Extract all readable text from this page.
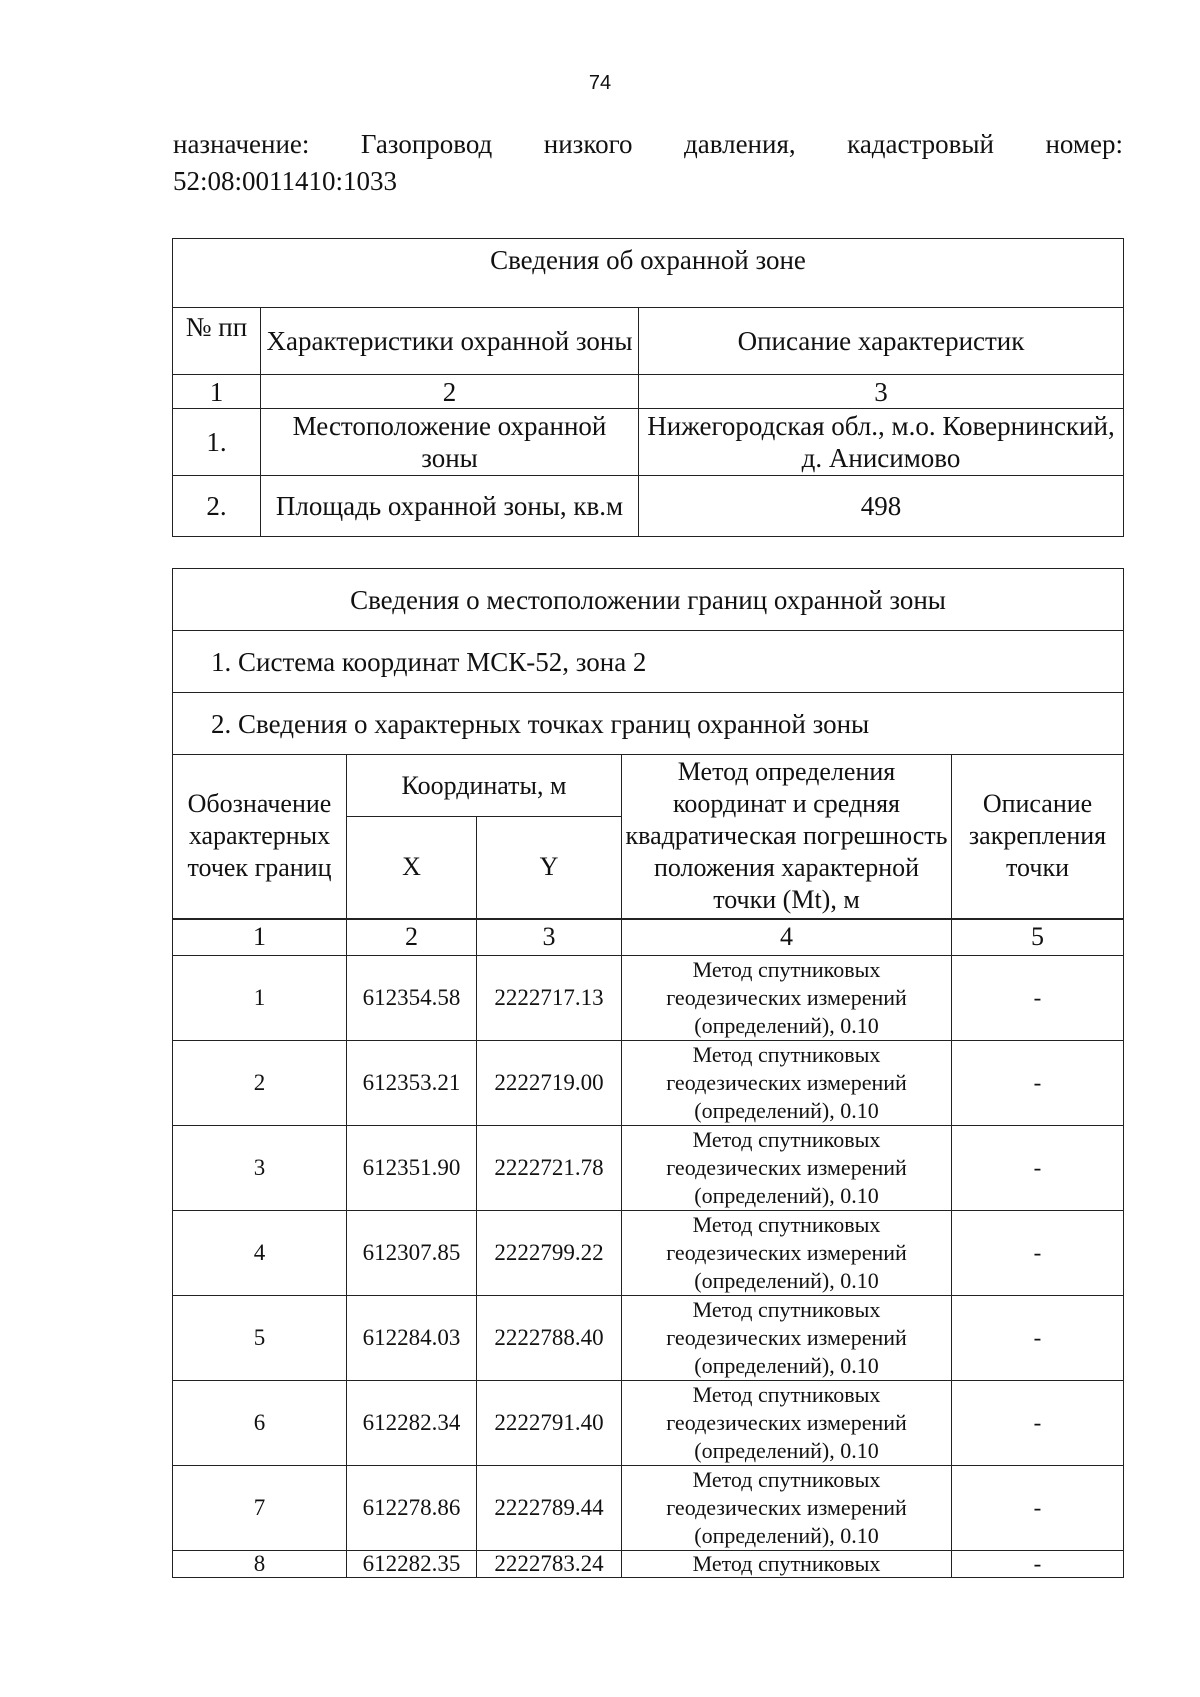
74
назначение: Газопровод низкого давления, кадастровый номер:
52:08:0011410:1033
Сведения об охранной зоне		
№ пп	Характеристики охранной зоны	Описание характеристик
1	2	3
1.	Местоположение охранной зоны	Нижегородская обл., м.о. Ковернинский, д. Анисимово
2.	Площадь охранной зоны, кв.м	498
Сведения о местоположении границ охранной зоны				
1. Система координат МСК-52, зона 2				
2. Сведения о характерных точках границ охранной зоны				
Обозначение характерных точек границ	Координаты, м		Метод определения координат и средняя квадратическая погрешность положения характерной точки (Mt), м	Описание закрепления точки
	X	Y		
1	2	3	4	5
1	612354.58	2222717.13	Метод спутниковых геодезических измерений (определений), 0.10	-
2	612353.21	2222719.00	Метод спутниковых геодезических измерений (определений), 0.10	-
3	612351.90	2222721.78	Метод спутниковых геодезических измерений (определений), 0.10	-
4	612307.85	2222799.22	Метод спутниковых геодезических измерений (определений), 0.10	-
5	612284.03	2222788.40	Метод спутниковых геодезических измерений (определений), 0.10	-
6	612282.34	2222791.40	Метод спутниковых геодезических измерений (определений), 0.10	-
7	612278.86	2222789.44	Метод спутниковых геодезических измерений (определений), 0.10	-
8	612282.35	2222783.24	Метод спутниковых	-
